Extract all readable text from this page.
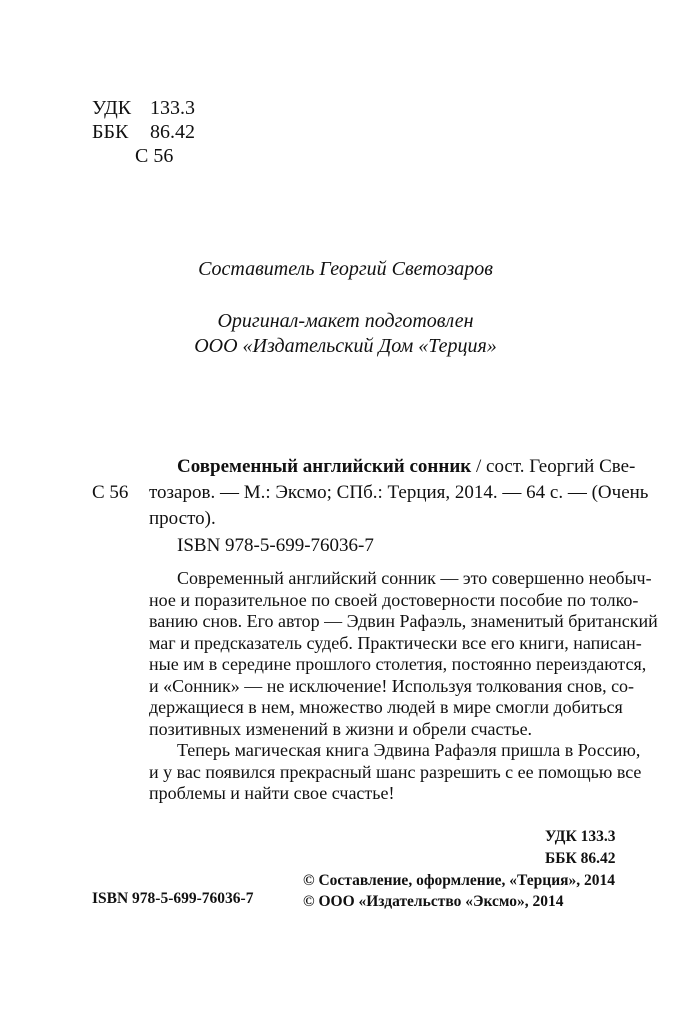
УДК 133.3
ББК 86.42
С 56
Составитель Георгий Светозаров
Оригинал-макет подготовлен
ООО «Издательский Дом «Терция»
С 56
Современный английский сонник / сост. Георгий Све-
тозаров. — М.: Эксмо; СПб.: Терция, 2014. — 64 с. — (Очень
просто).
ISBN 978-5-699-76036-7
Современный английский сонник — это совершенно необыч-
ное и поразительное по своей достоверности пособие по толко-
ванию снов. Его автор — Эдвин Рафаэль, знаменитый британский
маг и предсказатель судеб. Практически все его книги, написан-
ные им в середине прошлого столетия, постоянно переиздаются,
и «Сонник» — не исключение! Используя толкования снов, со-
держащиеся в нем, множество людей в мире смогли добиться
позитивных изменений в жизни и обрели счастье.
Теперь магическая книга Эдвина Рафаэля пришла в Россию,
и у вас появился прекрасный шанс разрешить с ее помощью все
проблемы и найти свое счастье!
УДК 133.3
ББК 86.42
ISBN 978-5-699-76036-7
© Составление, оформление, «Терция», 2014
© ООО «Издательство «Эксмо», 2014
